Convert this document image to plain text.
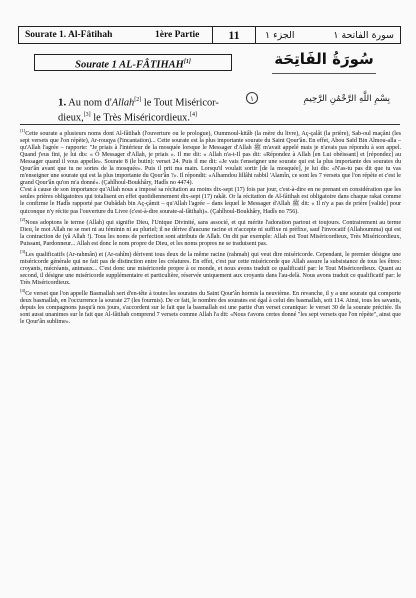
Sourate 1. Al-Fâtihah	1ère Partie	11	الجزء ١	سورة الفاتحة ١
Sourate 1 AL-FÂTIHAH[1]	سُورَةُ الفَاتِحَة
1. Au nom d'Allah[2] le Tout Miséricor-dieux,[3] le Très Miséricordieux.[4]
١	بِسْمِ اللَّهِ الرَّحْمَٰنِ الرَّحِيمِ

[1]Cette sourate a plusieurs noms dont Al-fâtihah (l'ouverture ou le prologue), Oummoul-kitâb (la mère du livre), Aç-çalât (la prière), Sab-oul maçâni (les sept versets que l'on répète), Ar-rouqya (l'incantation)... Cette sourate est la plus importante sourate du Saint Qour'ân. En effet, Abou Saïd Bin Almou-alla – qu'Allah l'agrée – rapporte: "Je priais à l'intérieur de la mosquée lorsque le Messager d'Allah ﷺ m'avait appelé mais je n'avais pas répondu à son appel. Quand j'eus fini, je lui dis: « Ô Messager d'Allah, je priais ». Il me dit: « Allah n'a-t-Il pas dit: «Répondez à Allah [en Lui obéissant] et [répondez] au Messager quand il vous appelle». Sourate 8 (le butin): verset 24. Puis il me dit: «Je vais t'enseigner une sourate qui est la plus importante des sourates du Qour'ân avant que tu ne sortes de la mosquée». Puis il prit ma main. Lorsqu'il voulait sortir [de la mosquée], je lui dis: «N'as-tu pas dit que tu vas m'enseigner une sourate qui est la plus importante du Qour'ân ?». Il répondit: «Alhamdou lillâhi rabbil 'Alamîn, ce sont les 7 versets que l'on répète et c'est le grand Qour'ân qu'on m'a donné». (Çahîhoul-Boukhâry, Hadîs no 4474).

C'est à cause de son importance qu'Allah nous a imposé sa récitation au moins dix-sept (17) fois par jour, c'est-à-dire en ne prenant en considération que les seules prières obligatoires qui totalisent en effet quotidiennement dix-sept (17) rakât. Or la récitation de Al-fâtihah est obligatoire dans chaque rakat comme le confirme le Hadîs rapporté par Oubâdah bin Aç-çâmit – qu'Allah l'agrée – dans lequel le Messager d'Allah ﷺ dit: « Il n'y a pas de prière [valide] pour quiconque n'y récite pas l'ouverture du Livre (c'est-à-dire sourate-al-fâtihah)». (Çahîhoul-Boukhâry, Hadîs no 756).

[2]Nous adoptons le terme (Allah) qui signifie Dieu, l'Unique Divinité, sans associé, et qui mérite l'adoration partout et toujours. Contrairement au terme Dieu, le mot Allah ne se met ni au féminin ni au pluriel; il ne dérive d'aucune racine et n'accepte ni suffixe ni préfixe, sauf l'invocatif (Allahoumma) qui est la contraction de (yâ Allah !). Tous les noms de perfection sont attributs de Allah. On dit par exemple: Allah est Tout Miséricordieux, Très Miséricordieux, Puissant, Pardonneur... Allah est donc le nom propre de Dieu, et les noms propres ne se traduisent pas.

[3]Les qualificatifs (Ar-rahmân) et (Ar-rahîm) dérivent tous deux de la même racine (rahmah) qui veut dire miséricorde. Cependant, le premier désigne une miséricorde générale qui ne fait pas de distinction entre les créatures. En effet, c'est par cette miséricorde que Allah assure la subsistance de tous les êtres: croyants, mécréants, animaux... C'est donc une miséricorde propre à ce monde, et nous avons traduit ce qualificatif par: le Tout Miséricordieux. Quant au second, il désigne une miséricorde supplémentaire et particulière, réservée uniquement aux croyants dans l'au-delà. Nous avons traduit ce qualificatif par: le Très Miséricordieux.

[4]Ce verset que l'on appelle Basmallah sert d'en-tête à toutes les sourates du Saint Qour'ân hormis la neuvième. En revanche, il y a une sourate qui comporte deux basmallah, en l'occurrence la sourate 27 (les fourmis). De ce fait, le nombre des sourates est égal à celui des basmallah, soit 114. Ainsi, tous les savants, depuis les compagnons jusqu'à nos jours, s'accordent sur le fait que la basmallah est une partie d'un verset coranique: le verset 30 de la sourate précitée. Ils sont aussi unanimes sur le fait que Al-fâtihah comprend 7 versets comme Allah l'a dit: «Nous t'avons certes donné "les sept versets que l'on répète", ainsi que le Qour'ân sublime».
